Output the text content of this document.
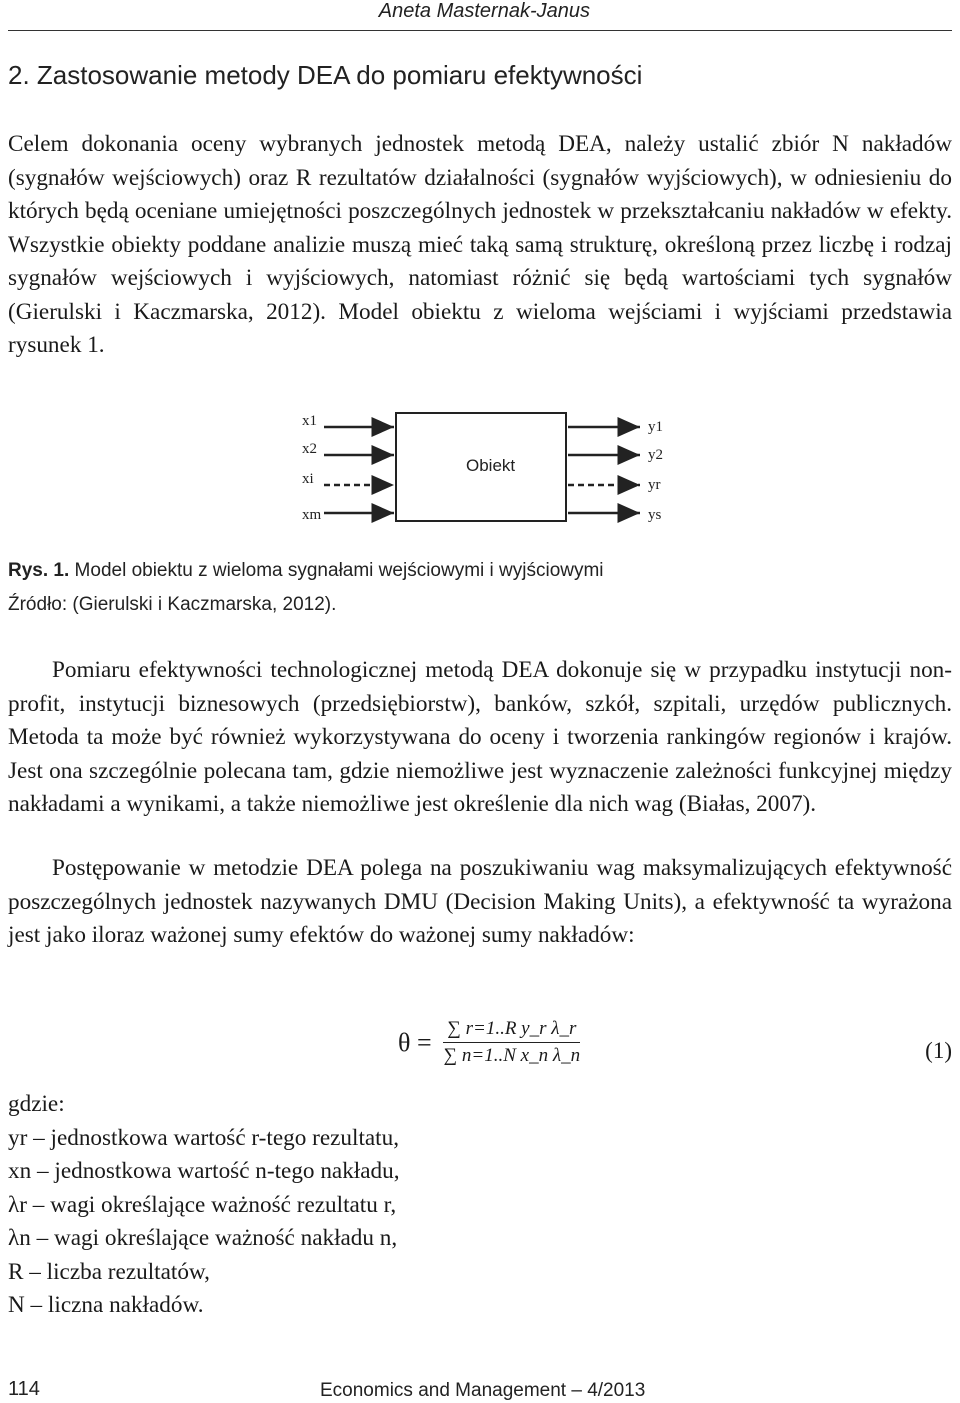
Aneta Masternak-Janus
2. Zastosowanie metody DEA do pomiaru efektywności
Celem dokonania oceny wybranych jednostek metodą DEA, należy ustalić zbiór N nakładów (sygnałów wejściowych) oraz R rezultatów działalności (sygnałów wyjściowych), w odniesieniu do których będą oceniane umiejętności poszczególnych jednostek w przekształcaniu nakładów w efekty. Wszystkie obiekty poddane analizie muszą mieć taką samą strukturę, określoną przez liczbę i rodzaj sygnałów wejściowych i wyjściowych, natomiast różnić się będą wartościami tych sygnałów (Gierulski i Kaczmarska, 2012). Model obiektu z wieloma wejściami i wyjściami przedstawia rysunek 1.
Obiekt
x1
x2
xi
xm
y1
y2
yr
ys
Rys. 1. Model obiektu z wieloma sygnałami wejściowymi i wyjściowymi
Źródło: (Gierulski i Kaczmarska, 2012).
Pomiaru efektywności technologicznej metodą DEA dokonuje się w przypadku instytucji non-profit, instytucji biznesowych (przedsiębiorstw), banków, szkół, szpitali, urzędów publicznych. Metoda ta może być również wykorzystywana do oceny i tworzenia rankingów regionów i krajów. Jest ona szczególnie polecana tam, gdzie niemożliwe jest wyznaczenie zależności funkcyjnej między nakładami a wynikami, a także niemożliwe jest określenie dla nich wag (Białas, 2007).
Postępowanie w metodzie DEA polega na poszukiwaniu wag maksymalizujących efektywność poszczególnych jednostek nazywanych DMU (Decision Making Units), a efektywność ta wyrażona jest jako iloraz ważonej sumy efektów do ważonej sumy nakładów:
$\theta = \frac{\text{∑ r=1..R y\_r λ\_r}}{\text{∑ n=1..N x\_n λ\_n}}$	(1)
gdzie:
yr – jednostkowa wartość r-tego rezultatu,
xn – jednostkowa wartość n-tego nakładu,
λr – wagi określające ważność rezultatu r,
λn – wagi określające ważność nakładu n,
R – liczba rezultatów,
N – liczna nakładów.
114	Economics and Management – 4/2013
